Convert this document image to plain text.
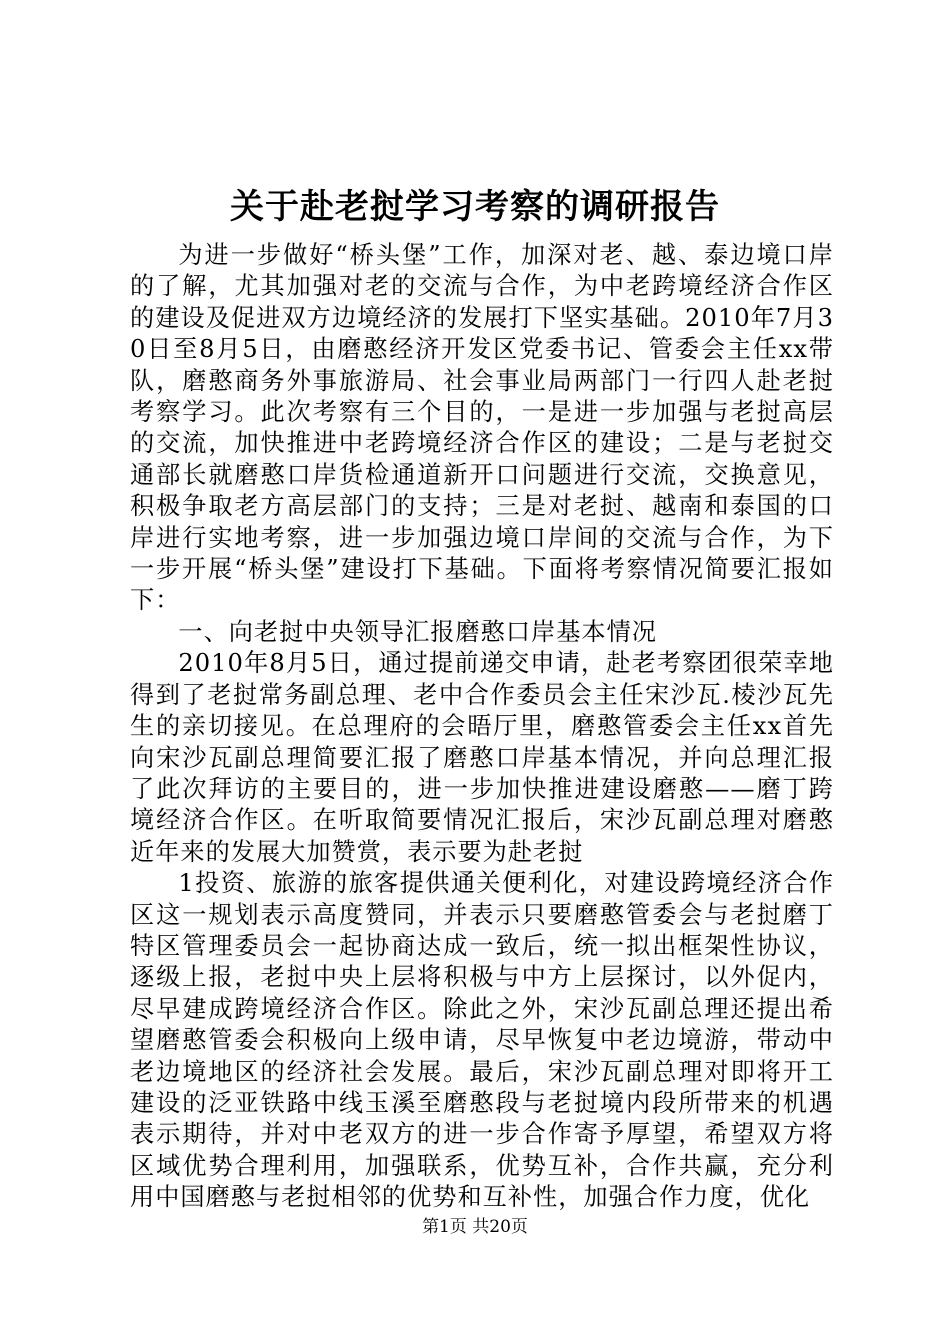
关于赴老挝学习考察的调研报告

为进一步做好“桥头堡”工作，加深对老、越、泰边境口岸的了解，尤其加强对老的交流与合作，为中老跨境经济合作区的建设及促进双方边境经济的发展打下坚实基础。2010年7月30日至8月5日，由磨憨经济开发区党委书记、管委会主任xx带队，磨憨商务外事旅游局、社会事业局两部门一行四人赴老挝考察学习。此次考察有三个目的，一是进一步加强与老挝高层的交流，加快推进中老跨境经济合作区的建设；二是与老挝交通部长就磨憨口岸货检通道新开口问题进行交流，交换意见，积极争取老方高层部门的支持；三是对老挝、越南和泰国的口岸进行实地考察，进一步加强边境口岸间的交流与合作，为下一步开展“桥头堡”建设打下基础。下面将考察情况简要汇报如下：

一、向老挝中央领导汇报磨憨口岸基本情况

2010年8月5日，通过提前递交申请，赴老考察团很荣幸地得到了老挝常务副总理、老中合作委员会主任宋沙瓦.棱沙瓦先生的亲切接见。在总理府的会晤厅里，磨憨管委会主任xx首先向宋沙瓦副总理简要汇报了磨憨口岸基本情况，并向总理汇报了此次拜访的主要目的，进一步加快推进建设磨憨——磨丁跨境经济合作区。在听取简要情况汇报后，宋沙瓦副总理对磨憨近年来的发展大加赞赏，表示要为赴老挝

1投资、旅游的旅客提供通关便利化，对建设跨境经济合作区这一规划表示高度赞同，并表示只要磨憨管委会与老挝磨丁特区管理委员会一起协商达成一致后，统一拟出框架性协议，逐级上报，老挝中央上层将积极与中方上层探讨，以外促内，尽早建成跨境经济合作区。除此之外，宋沙瓦副总理还提出希望磨憨管委会积极向上级申请，尽早恢复中老边境游，带动中老边境地区的经济社会发展。最后，宋沙瓦副总理对即将开工建设的泛亚铁路中线玉溪至磨憨段与老挝境内段所带来的机遇表示期待，并对中老双方的进一步合作寄予厚望，希望双方将区域优势合理利用，加强联系，优势互补，合作共赢，充分利用中国磨憨与老挝相邻的优势和互补性，加强合作力度，优化

第1页 共20页
